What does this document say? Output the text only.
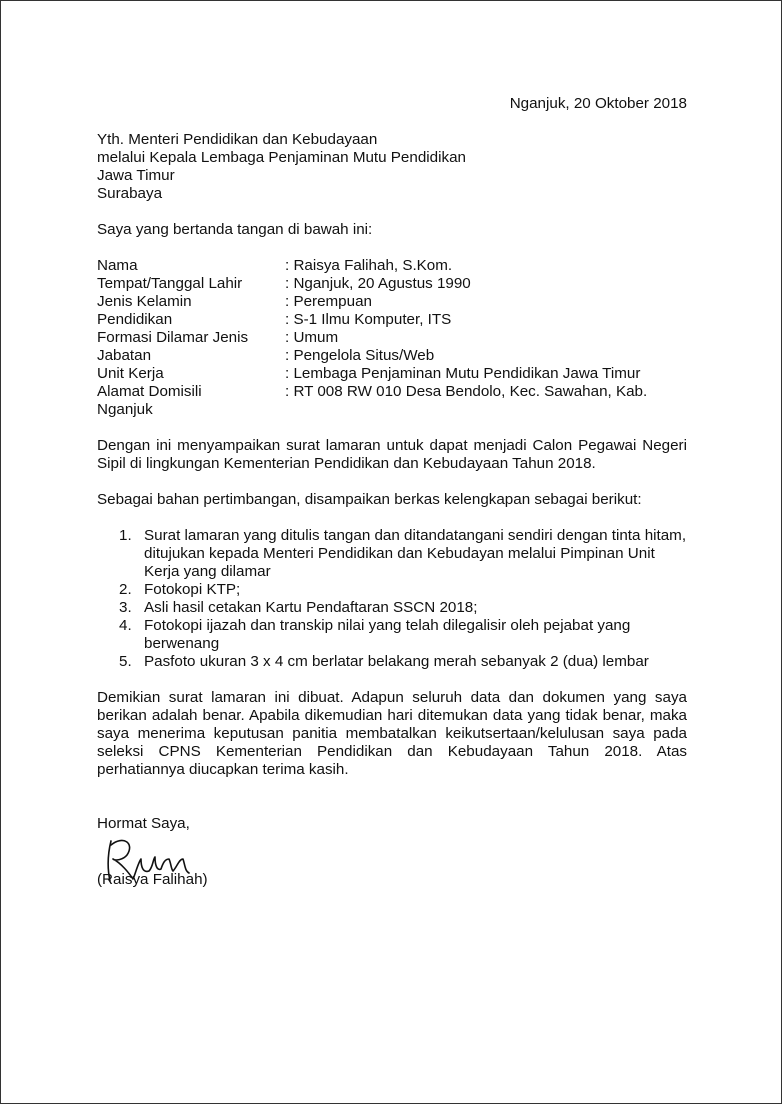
Nganjuk, 20 Oktober 2018
Yth. Menteri Pendidikan dan Kebudayaan
melalui Kepala Lembaga Penjaminan Mutu Pendidikan
Jawa Timur
Surabaya
Saya yang bertanda tangan di bawah ini:
Nama	: Raisya Falihah, S.Kom.
Tempat/Tanggal Lahir	: Nganjuk, 20 Agustus 1990
Jenis Kelamin	: Perempuan
Pendidikan	: S-1 Ilmu Komputer, ITS
Formasi Dilamar Jenis	: Umum
Jabatan	: Pengelola Situs/Web
Unit Kerja	: Lembaga Penjaminan Mutu Pendidikan Jawa Timur
Alamat Domisili	: RT 008 RW 010 Desa Bendolo, Kec. Sawahan, Kab.
Nganjuk
Dengan ini menyampaikan surat lamaran untuk dapat menjadi Calon Pegawai Negeri Sipil di lingkungan Kementerian Pendidikan dan Kebudayaan Tahun 2018.
Sebagai bahan pertimbangan, disampaikan berkas kelengkapan sebagai berikut:
1. Surat lamaran yang ditulis tangan dan ditandatangani sendiri dengan tinta hitam, ditujukan kepada Menteri Pendidikan dan Kebudayan melalui Pimpinan Unit Kerja yang dilamar
2. Fotokopi KTP;
3. Asli hasil cetakan Kartu Pendaftaran SSCN 2018;
4. Fotokopi ijazah dan transkip nilai yang telah dilegalisir oleh pejabat yang berwenang
5. Pasfoto ukuran 3 x 4 cm berlatar belakang merah sebanyak 2 (dua) lembar
Demikian surat lamaran ini dibuat. Adapun seluruh data dan dokumen yang saya berikan adalah benar. Apabila dikemudian hari ditemukan data yang tidak benar, maka saya menerima keputusan panitia membatalkan keikutsertaan/kelulusan saya pada seleksi CPNS Kementerian Pendidikan dan Kebudayaan Tahun 2018. Atas perhatiannya diucapkan terima kasih.
Hormat Saya,
(Raisya Falihah)
